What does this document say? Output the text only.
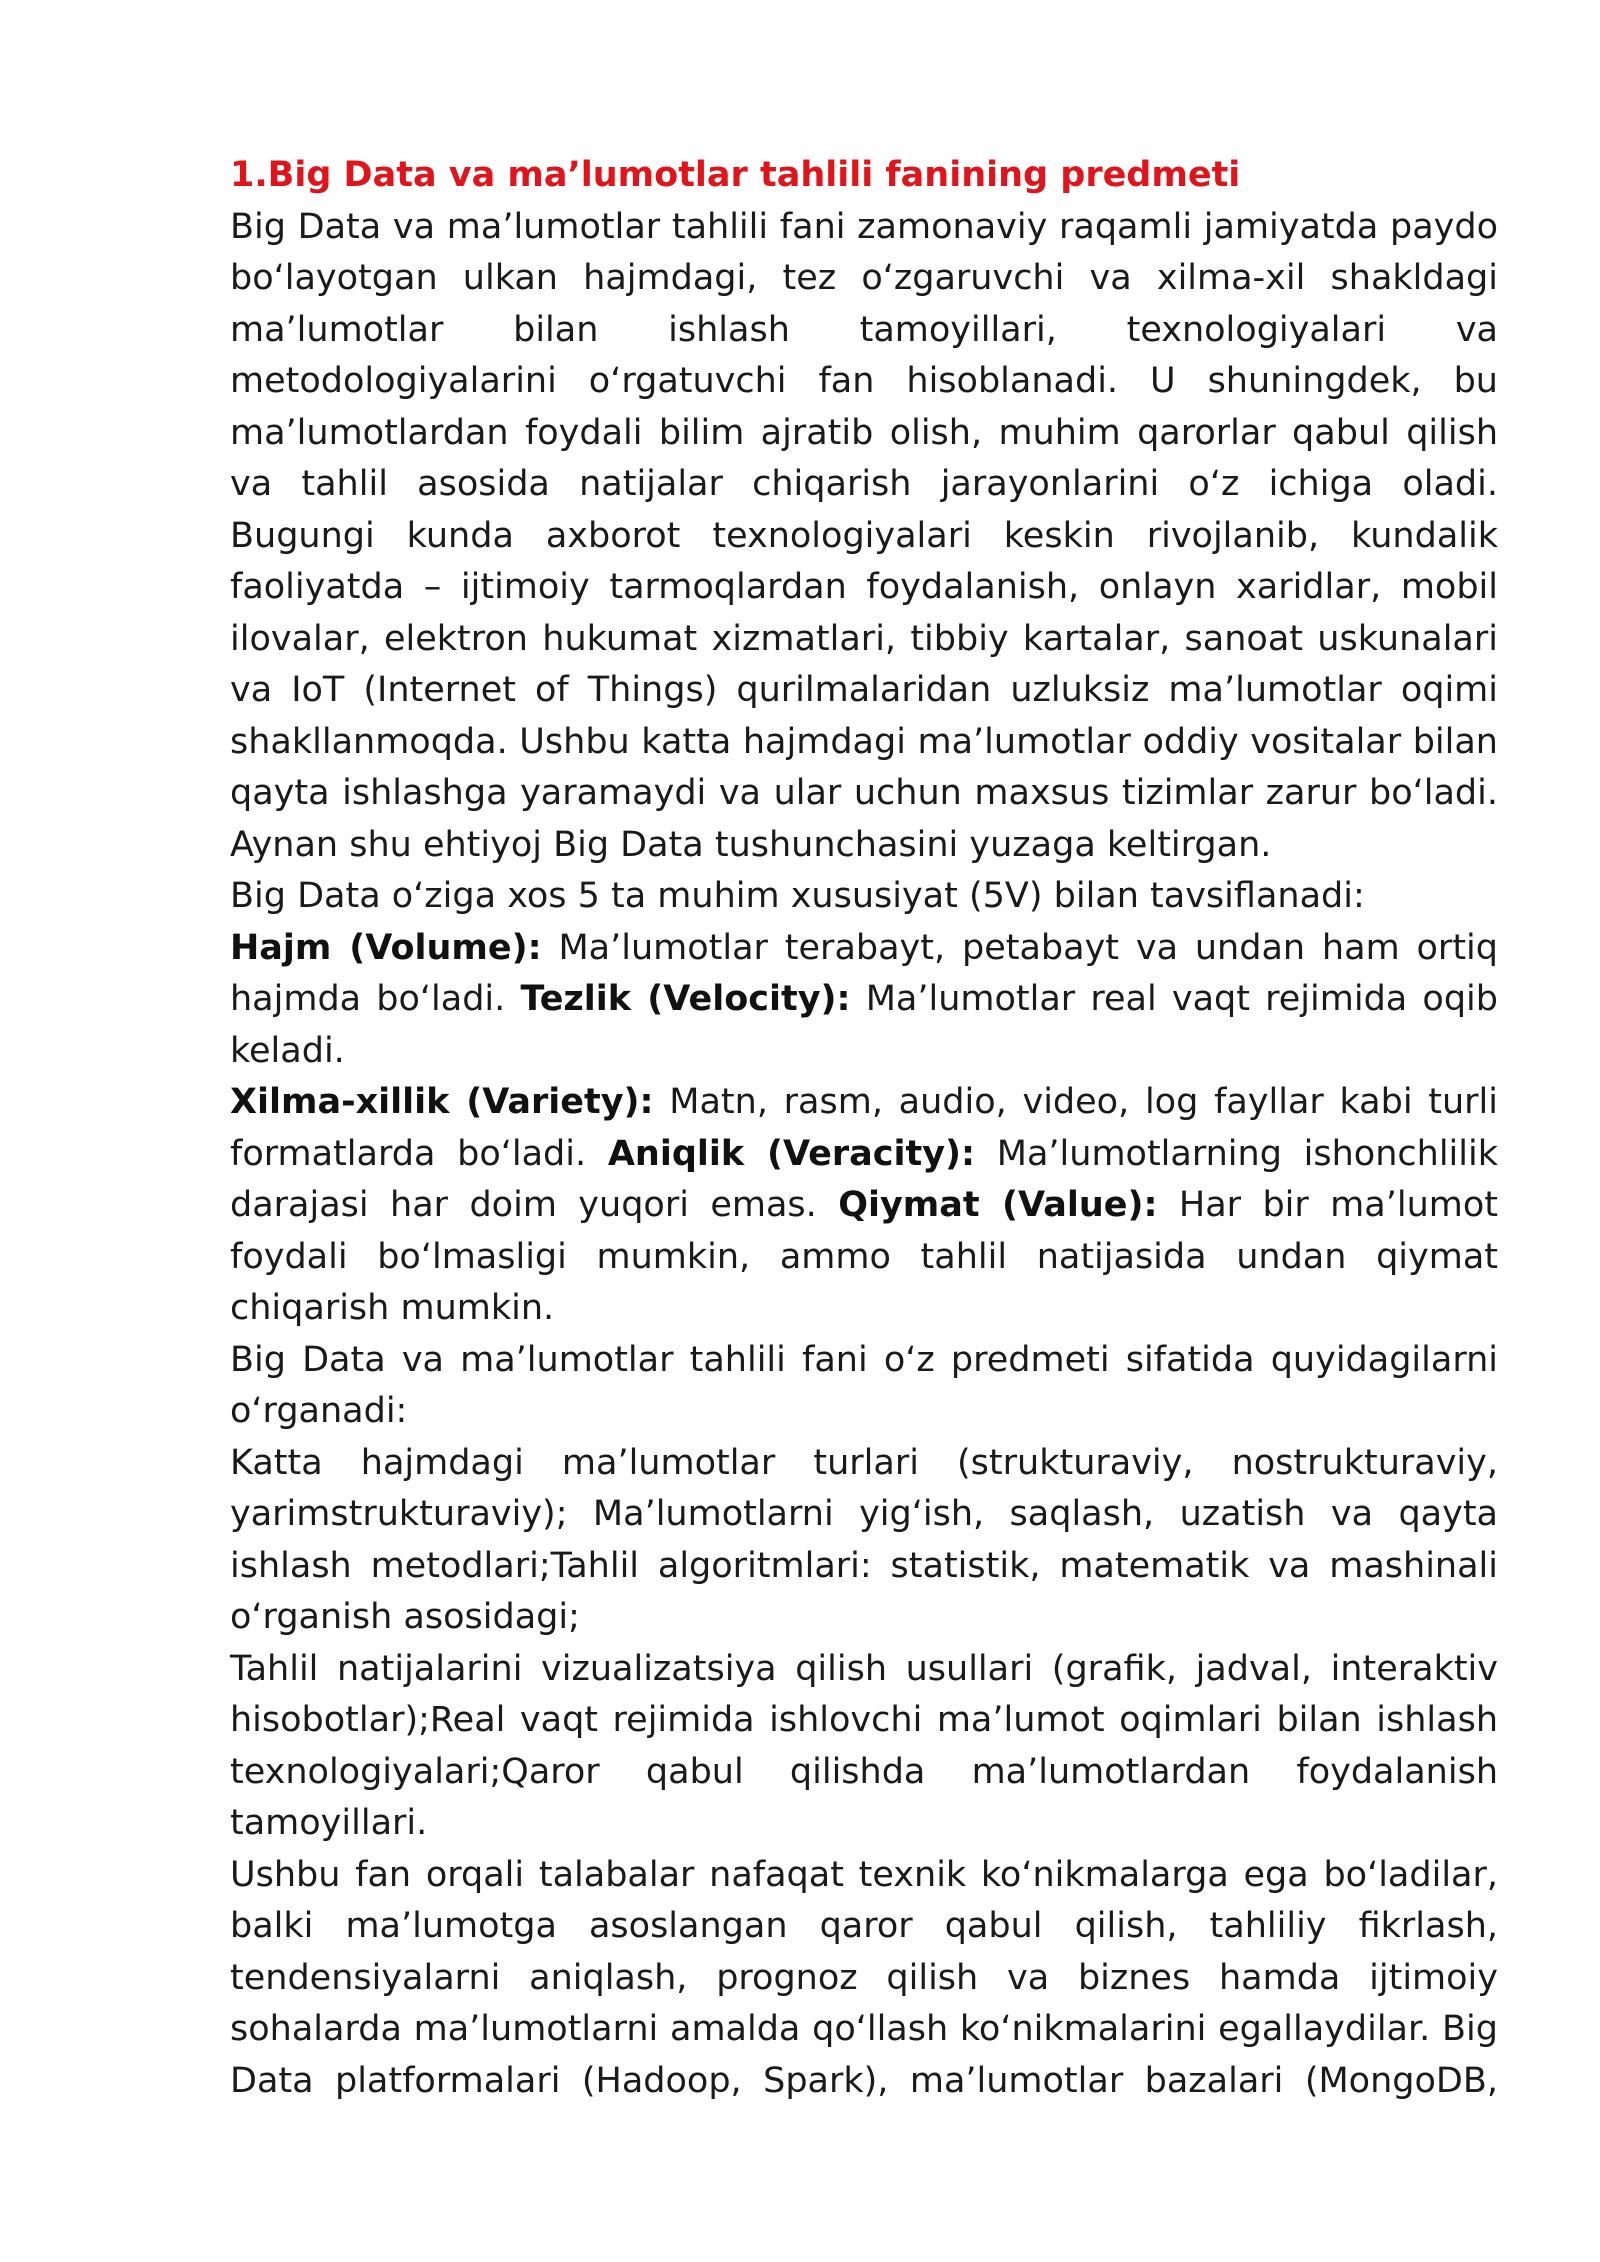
1.Big Data va ma’lumotlar tahlili fanining predmeti

Big Data va ma’lumotlar tahlili fani zamonaviy raqamli jamiyatda paydo bo‘layotgan ulkan hajmdagi, tez o‘zgaruvchi va xilma-xil shakldagi ma’lumotlar bilan ishlash tamoyillari, texnologiyalari va metodologiyalarini o‘rgatuvchi fan hisoblanadi. U shuningdek, bu ma’lumotlardan foydali bilim ajratib olish, muhim qarorlar qabul qilish va tahlil asosida natijalar chiqarish jarayonlarini o‘z ichiga oladi. Bugungi kunda axborot texnologiyalari keskin rivojlanib, kundalik faoliyatda – ijtimoiy tarmoqlardan foydalanish, onlayn xaridlar, mobil ilovalar, elektron hukumat xizmatlari, tibbiy kartalar, sanoat uskunalari va IoT (Internet of Things) qurilmalaridan uzluksiz ma’lumotlar oqimi shakllanmoqda. Ushbu katta hajmdagi ma’lumotlar oddiy vositalar bilan qayta ishlashga yaramaydi va ular uchun maxsus tizimlar zarur bo‘ladi. Aynan shu ehtiyoj Big Data tushunchasini yuzaga keltirgan.

Big Data o‘ziga xos 5 ta muhim xususiyat (5V) bilan tavsiflanadi:

Hajm (Volume): Ma’lumotlar terabayt, petabayt va undan ham ortiq hajmda bo‘ladi. Tezlik (Velocity): Ma’lumotlar real vaqt rejimida oqib keladi.

Xilma-xillik (Variety): Matn, rasm, audio, video, log fayllar kabi turli formatlarda bo‘ladi. Aniqlik (Veracity): Ma’lumotlarning ishonchlilik darajasi har doim yuqori emas. Qiymat (Value): Har bir ma’lumot foydali bo‘lmasligi mumkin, ammo tahlil natijasida undan qiymat chiqarish mumkin.

Big Data va ma’lumotlar tahlili fani o‘z predmeti sifatida quyidagilarni o‘rganadi:

Katta hajmdagi ma’lumotlar turlari (strukturaviy, nostrukturaviy, yarimstrukturaviy); Ma’lumotlarni yig‘ish, saqlash, uzatish va qayta ishlash metodlari;Tahlil algoritmlari: statistik, matematik va mashinali o‘rganish asosidagi;

Tahlil natijalarini vizualizatsiya qilish usullari (grafik, jadval, interaktiv hisobotlar);Real vaqt rejimida ishlovchi ma’lumot oqimlari bilan ishlash texnologiyalari;Qaror qabul qilishda ma’lumotlardan foydalanish tamoyillari.

Ushbu fan orqali talabalar nafaqat texnik ko‘nikmalarga ega bo‘ladilar, balki ma’lumotga asoslangan qaror qabul qilish, tahliliy fikrlash, tendensiyalarni aniqlash, prognoz qilish va biznes hamda ijtimoiy sohalarda ma’lumotlarni amalda qo‘llash ko‘nikmalarini egallaydilar. Big Data platformalari (Hadoop, Spark), ma’lumotlar bazalari (MongoDB,
